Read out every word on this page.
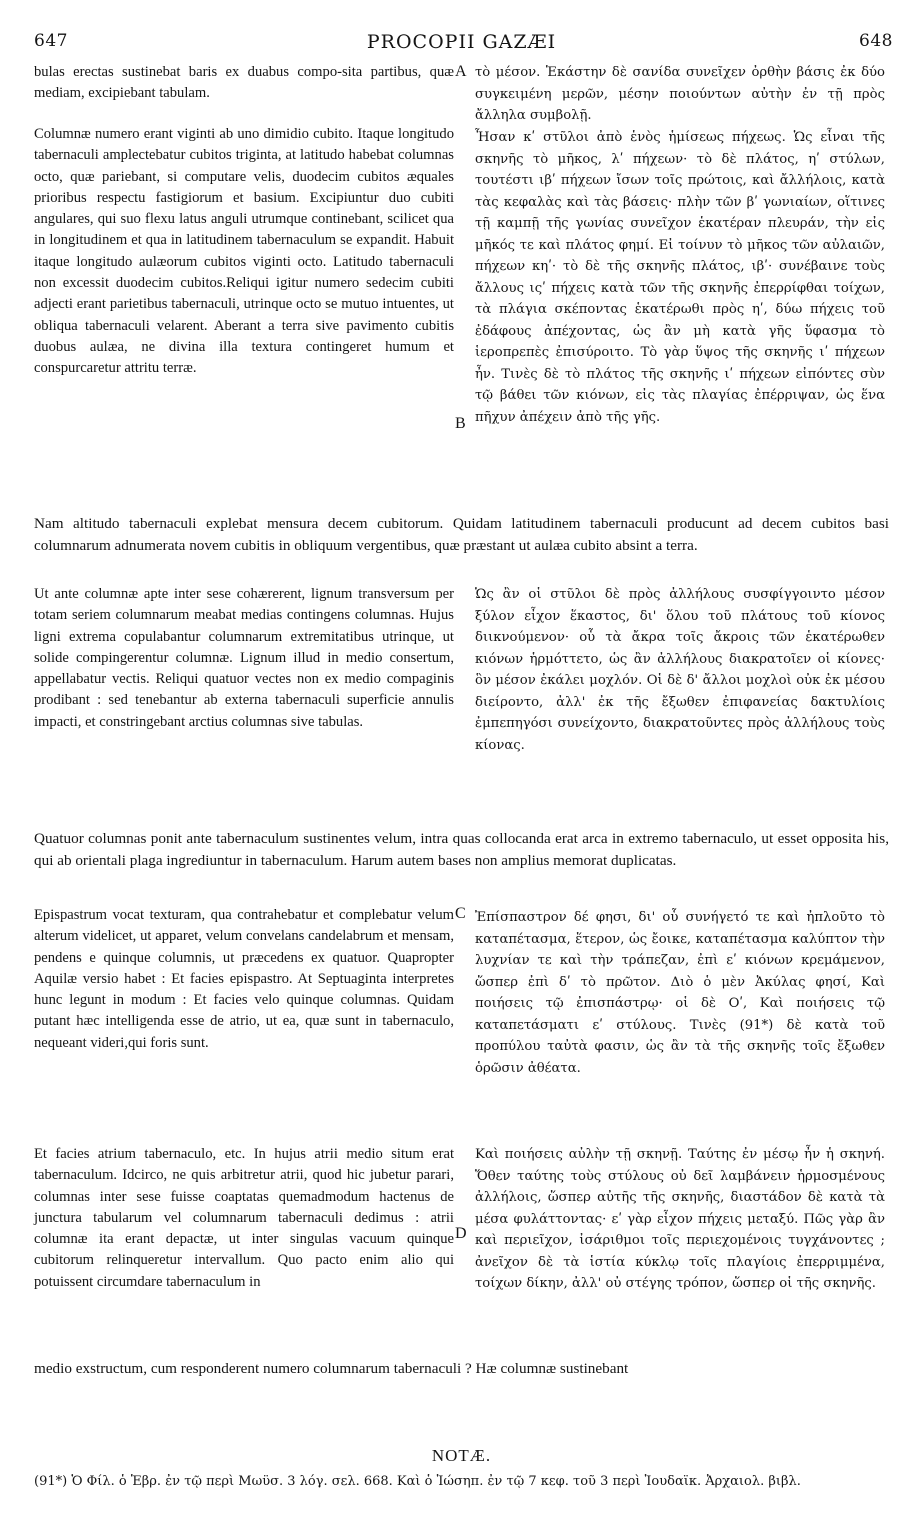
647	PROCOPII GAZÆI	648

bulas erectas sustinebat baris ex duabus compo-sita partibus, quæ mediam, excipiebant tabulam.

τὸ μέσον. Ἑκάστην δὲ σανίδα συνεῖχεν ὀρθὴν βάσις ἐκ δύο συγκειμένη μερῶν, μέσην ποιούντων αὐτὴν ἐν τῇ πρὸς ἄλληλα συμβολῇ.

A

Columnæ numero erant viginti ab uno dimidio cubito. Itaque longitudo tabernaculi amplectebatur cubitos triginta, at latitudo habebat columnas octo, quæ pariebant, si computare velis, duodecim cubitos æquales prioribus respectu fastigiorum et basium. Excipiuntur duo cubiti angulares, qui suo flexu latus anguli utrumque continebant, scilicet qua in longitudinem et qua in latitudinem tabernaculum se expandit. Habuit itaque longitudo aulæorum cubitos viginti octo. Latitudo tabernaculi non excessit duodecim cubitos.Reliqui igitur numero sedecim cubiti adjecti erant parietibus tabernaculi, utrinque octo se mutuo intuentes, ut obliqua tabernaculi velarent. Aberant a terra sive pavimento cubitis duobus aulæa, ne divina illa textura contingeret humum et conspurcaretur attritu terræ.

Ἦσαν κʹ στῦλοι ἀπὸ ἑνὸς ἡμίσεως πήχεως. Ὡς εἶναι τῆς σκηνῆς τὸ μῆκος, λʹ πήχεων· τὸ δὲ πλάτος, ηʹ στύλων, τουτέστι ιβʹ πήχεων ἴσων τοῖς πρώτοις, καὶ ἄλλήλοις, κατὰ τὰς κεφαλὰς καὶ τὰς βάσεις· πλὴν τῶν βʹ γωνιαίων, οἵτινες τῇ καμπῇ τῆς γωνίας συνεῖχον ἑκατέραν πλευράν, τὴν εἰς μῆκός τε καὶ πλάτος φημί. Εἰ τοίνυν τὸ μῆκος τῶν αὐλαιῶν, πήχεων κηʹ· τὸ δὲ τῆς σκηνῆς πλάτος, ιβʹ· συνέβαινε τοὺς ἄλλους ιςʹ πήχεις κατὰ τῶν τῆς σκηνῆς ἐπερρίφθαι τοίχων, τὰ πλάγια σκέποντας ἑκατέρωθι πρὸς ηʹ, δύω πήχεις τοῦ ἐδάφους ἀπέχοντας, ὡς ἂν μὴ κατὰ γῆς ὕφασμα τὸ ἱεροπρεπὲς ἐπισύροιτο. Τὸ γὰρ ὕψος τῆς σκηνῆς ιʹ πήχεων ἦν. Τινὲς δὲ τὸ πλάτος τῆς σκηνῆς ιʹ πήχεων εἰπόντες σὺν τῷ βάθει τῶν κιόνων, εἰς τὰς πλαγίας ἐπέρριψαν, ὡς ἕνα πῆχυν ἀπέχειν ἀπὸ τῆς γῆς.

B

Nam altitudo tabernaculi explebat mensura decem cubitorum. Quidam latitudinem tabernaculi producunt ad decem cubitos basi columnarum adnumerata novem cubitis in obliquum vergentibus, quæ præstant ut aulæa cubito absint a terra.

Ut ante columnæ apte inter sese cohærerent, lignum transversum per totam seriem columnarum meabat medias contingens columnas. Hujus ligni extrema copulabantur columnarum extremitatibus utrinque, ut solide compingerentur columnæ. Lignum illud in medio consertum, appellabatur vectis. Reliqui quatuor vectes non ex medio compaginis prodibant : sed tenebantur ab externa tabernaculi superficie annulis impacti, et constringebant arctius columnas sive tabulas.

Ὡς ἂν οἱ στῦλοι δὲ πρὸς ἀλλήλους συσφίγγοιντο μέσον ξύλον εἶχον ἕκαστος, δι' ὅλου τοῦ πλάτους τοῦ κίονος διικνούμενον· οὗ τὰ ἄκρα τοῖς ἄκροις τῶν ἑκατέρωθεν κιόνων ἡρμόττετο, ὡς ἂν ἀλλήλους διακρατοῖεν οἱ κίονες· ὃν μέσον ἐκάλει μοχλόν. Οἱ δὲ δ' ἄλλοι μοχλοὶ οὐκ ἐκ μέσου διείροντο, ἀλλ' ἐκ τῆς ἔξωθεν ἐπιφανείας δακτυλίοις ἐμπεπηγόσι συνείχοντο, διακρατοῦντες πρὸς ἀλλήλους τοὺς κίονας.

Quatuor columnas ponit ante tabernaculum sustinentes velum, intra quas collocanda erat arca in extremo tabernaculo, ut esset opposita his, qui ab orientali plaga ingrediuntur in tabernaculum. Harum autem bases non amplius memorat duplicatas.

Epispastrum vocat texturam, qua contrahebatur et complebatur velum alterum videlicet, ut apparet, velum convelans candelabrum et mensam, pendens e quinque columnis, ut præcedens ex quatuor. Quapropter Aquilæ versio habet : Et facies epispastro. At Septuaginta interpretes hunc legunt in modum : Et facies velo quinque columnas. Quidam putant hæc intelligenda esse de atrio, ut ea, quæ sunt in tabernaculo, nequeant videri,qui foris sunt.

Ἐπίσπαστρον δέ φησι, δι' οὗ συνήγετό τε καὶ ἠπλοῦτο τὸ καταπέτασμα, ἕτερον, ὡς ἔοικε, καταπέτασμα καλύπτον τὴν λυχνίαν τε καὶ τὴν τράπεζαν, ἐπὶ εʹ κιόνων κρεμάμενον, ὥσπερ ἐπὶ δʹ τὸ πρῶτον. Διὸ ὁ μὲν Ἀκύλας φησί, Καὶ ποιήσεις τῷ ἐπισπάστρῳ· οἱ δὲ Οʹ, Καὶ ποιήσεις τῷ καταπετάσματι εʹ στύλους. Τινὲς (91*) δὲ κατὰ τοῦ προπύλου ταὐτὰ φασιν, ὡς ἂν τὰ τῆς σκηνῆς τοῖς ἔξωθεν ὁρῶσιν ἀθέατα.

C

Et facies atrium tabernaculo, etc. In hujus atrii medio situm erat tabernaculum. Idcirco, ne quis arbitretur atrii, quod hic jubetur parari, columnas inter sese fuisse coaptatas quemadmodum hactenus de junctura tabularum vel columnarum tabernaculi dedimus : atrii columnæ ita erant depactæ, ut inter singulas vacuum quinque cubitorum relinqueretur intervallum. Quo pacto enim alio qui potuissent circumdare tabernaculum in

Καὶ ποιήσεις αὐλὴν τῇ σκηνῇ. Ταύτης ἐν μέσῳ ἦν ἡ σκηνή. Ὅθεν ταύτης τοὺς στύλους οὐ δεῖ λαμβάνειν ἡρμοσμένους ἀλλήλοις, ὥσπερ αὐτῆς τῆς σκηνῆς, διαστάδον δὲ κατὰ τὰ μέσα φυλάττοντας· εʹ γὰρ εἶχον πήχεις μεταξύ. Πῶς γὰρ ἂν καὶ περιεῖχον, ἰσάριθμοι τοῖς περιεχομένοις τυγχάνοντες ; ἀνεῖχον δὲ τὰ ἱστία κύκλῳ τοῖς πλαγίοις ἐπερριμμένα, τοίχων δίκην, ἀλλ' οὐ στέγης τρόπον, ὥσπερ οἱ τῆς σκηνῆς.

D

medio exstructum, cum responderent numero columnarum tabernaculi ? Hæ columnæ sustinebant

NOTÆ.

(91*) Ὁ Φίλ. ὁ Ἑβρ. ἐν τῷ περὶ Μωϋσ. 3 λόγ. σελ. 668. Καὶ ὁ Ἰώσηπ. ἐν τῷ 7 κεφ. τοῦ 3 περὶ Ἰουδαϊκ. Ἀρχαιολ. βιβλ.
